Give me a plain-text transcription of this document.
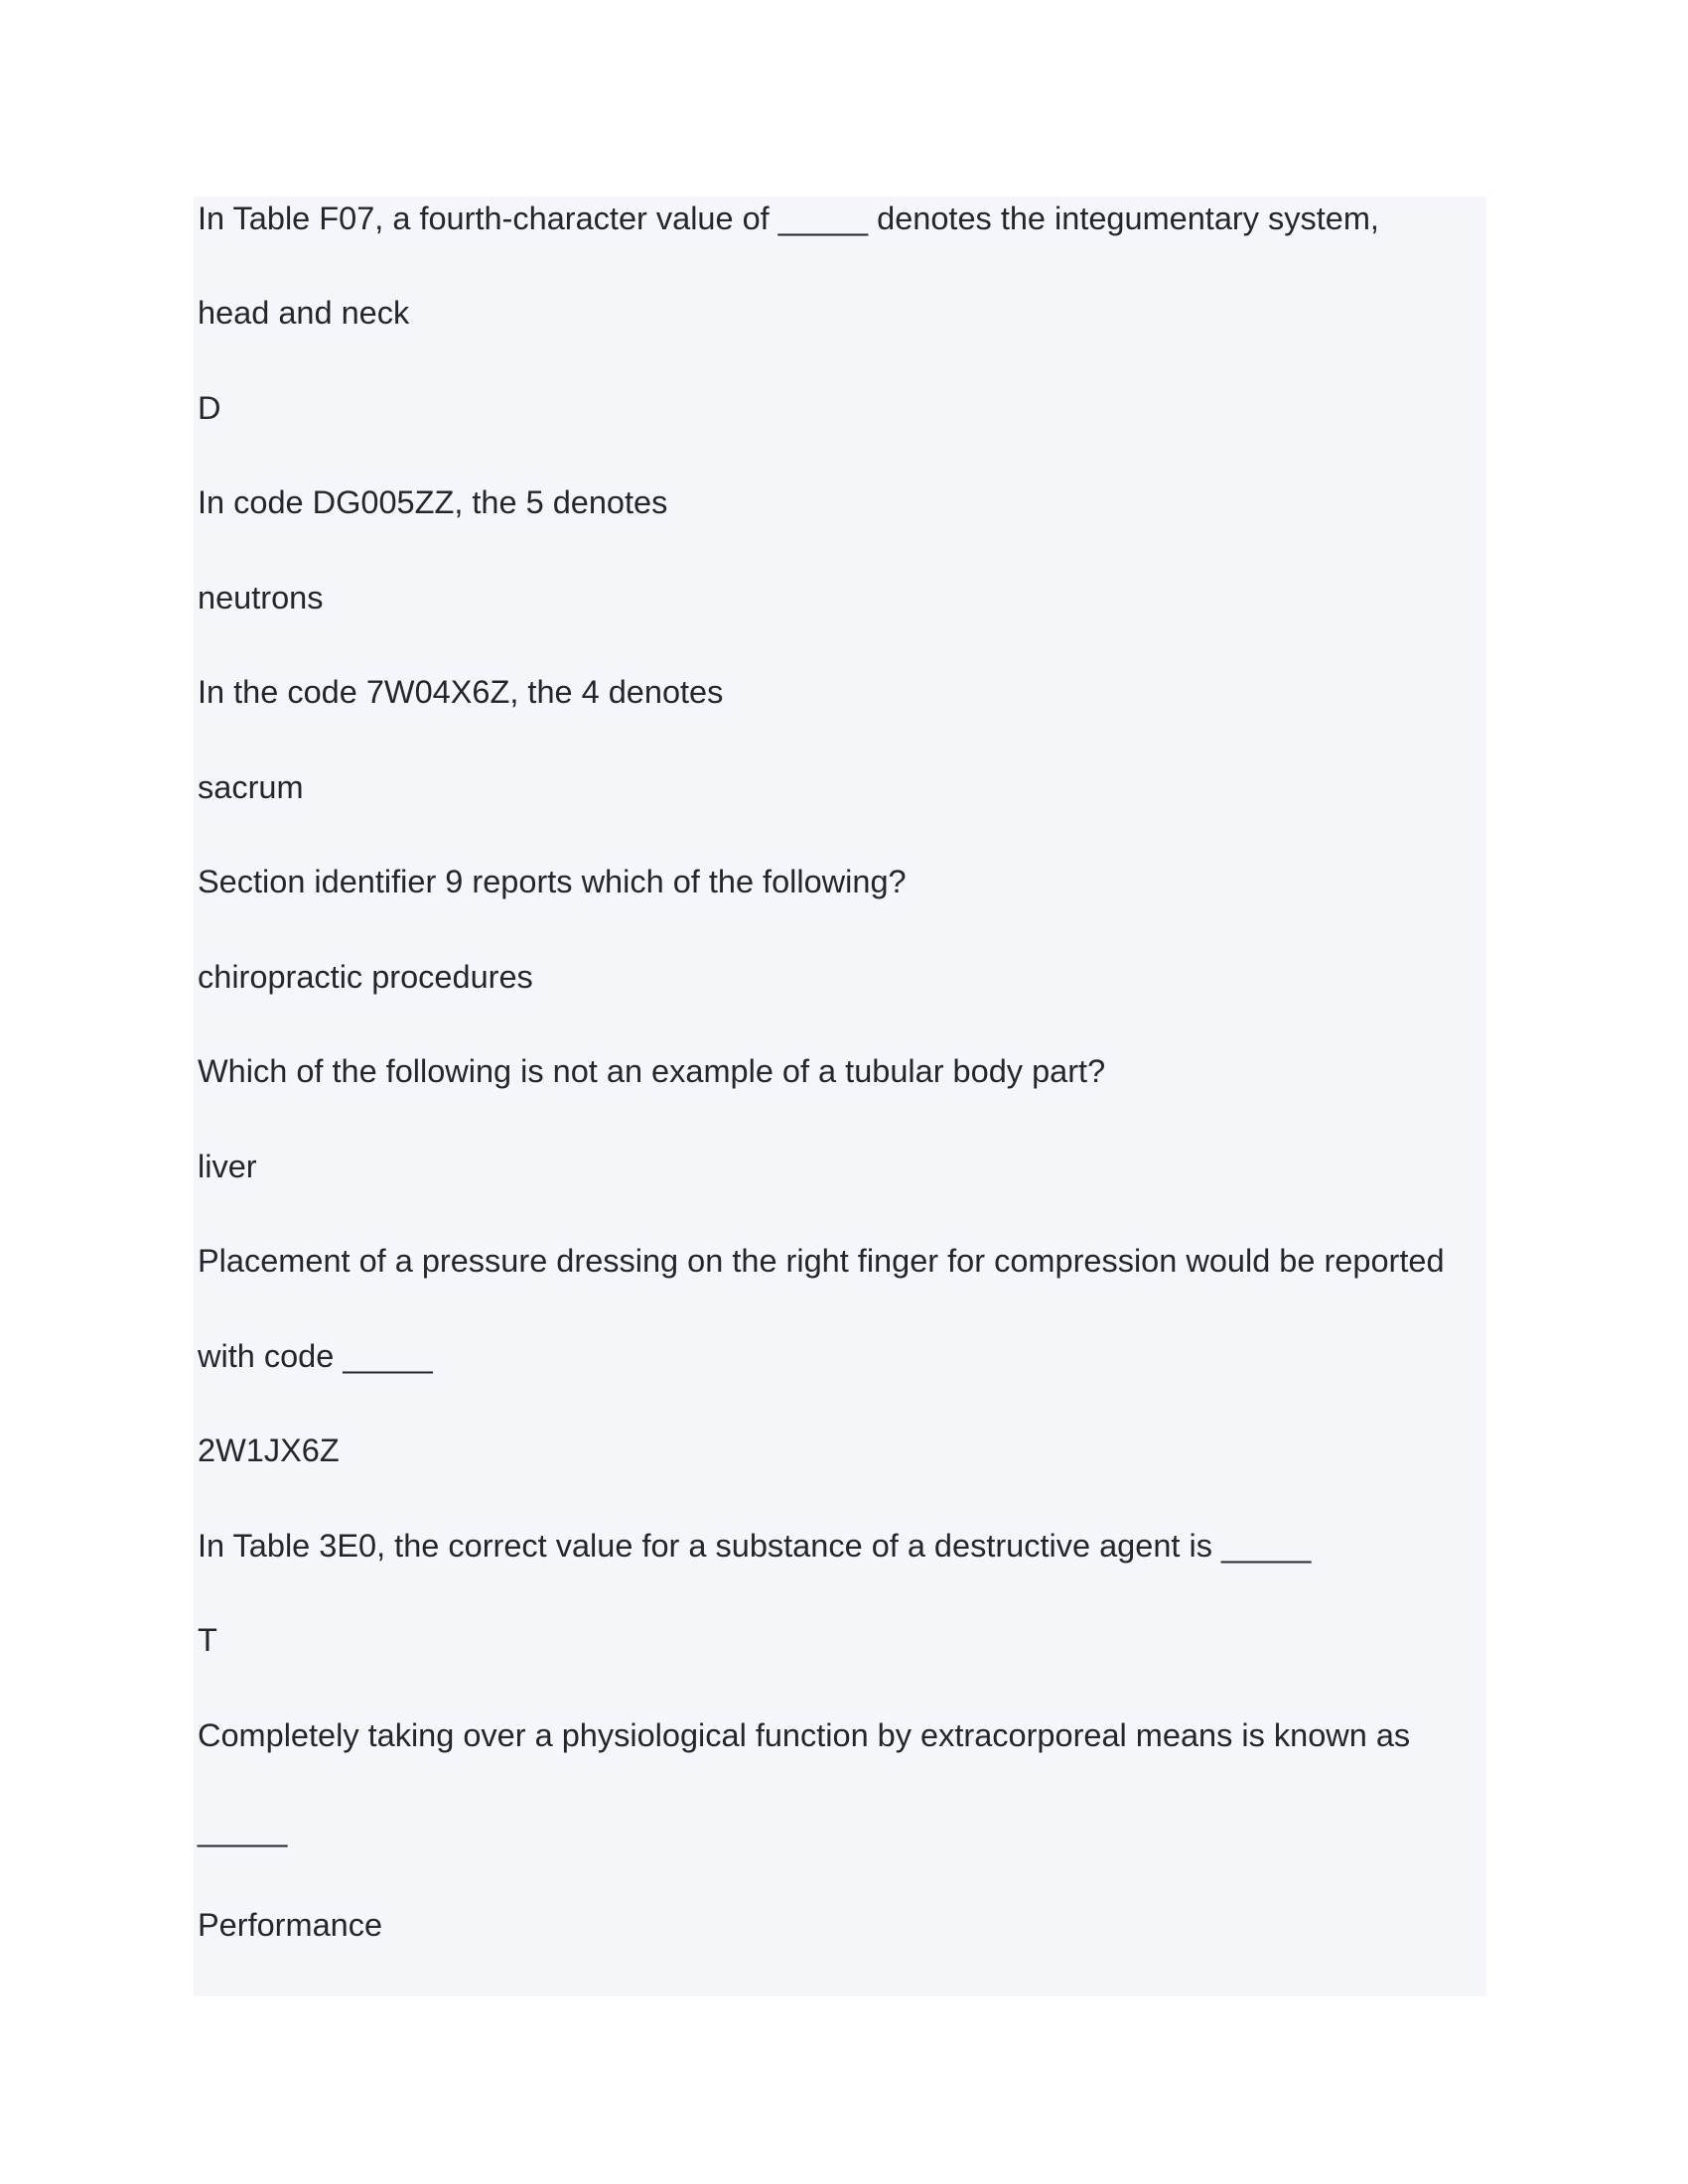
In Table F07, a fourth-character value of _____ denotes the integumentary system,

head and neck

D

In code DG005ZZ, the 5 denotes

neutrons

In the code 7W04X6Z, the 4 denotes

sacrum

Section identifier 9 reports which of the following?

chiropractic procedures

Which of the following is not an example of a tubular body part?

liver

Placement of a pressure dressing on the right finger for compression would be reported

with code _____

2W1JX6Z

In Table 3E0, the correct value for a substance of a destructive agent is _____

T

Completely taking over a physiological function by extracorporeal means is known as

_____

Performance
